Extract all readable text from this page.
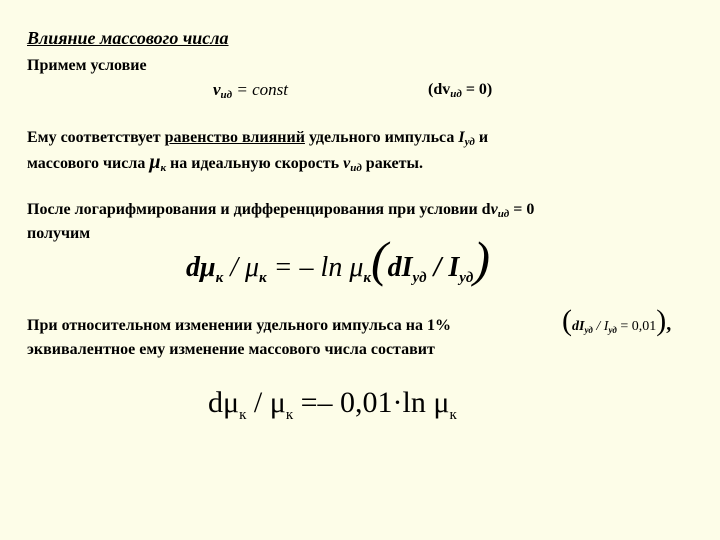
Влияние массового числа
Примем условие
$v_{ид}$ = const	$(dv_{ид} = 0)$
Ему соответствует равенство влияний удельного импульса $I_{уд}$ и
массового числа $\mu_к$ на идеальную скорость $v_{ид}$ ракеты.
После логарифмирования и дифференцирования при условии $dv_{ид} = 0$
получим
$d\mu_к / \mu_к$ = – $\ln \mu_к(dI_{уд} / I_{уд})$
При относительном изменении удельного импульса на 1%	$(dI_{уд} / I_{уд} = 0,01)$,
эквивалентное ему изменение массового числа составит
$d\mu_к / \mu_к =- 0,01\cdot\ln$ $\mu_к$
